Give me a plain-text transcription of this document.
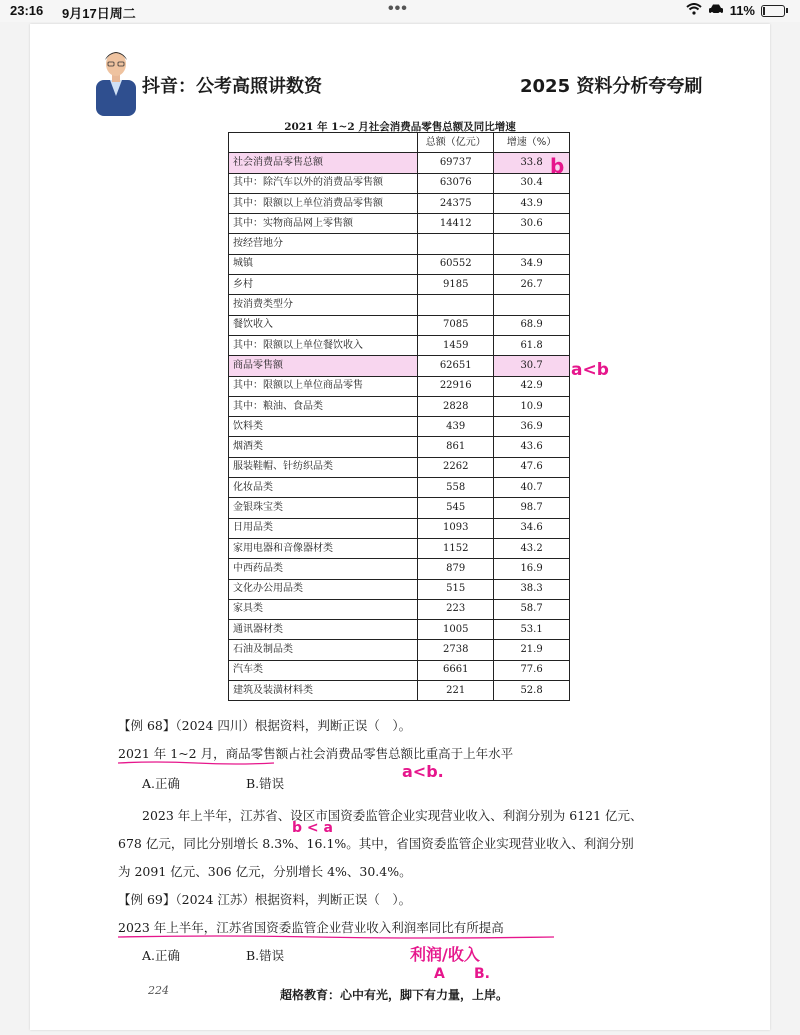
23:16 9月17日周二	•••	11%
抖音：公考高照讲数资	2025 资料分析夸夸刷
2021 年 1~2 月社会消费品零售总额及同比增速
	总额（亿元）	增速（%）
社会消费品零售总额	69737	33.8
其中：除汽车以外的消费品零售额	63076	30.4
其中：限额以上单位消费品零售额	24375	43.9
其中：实物商品网上零售额	14412	30.6
按经营地分		
城镇	60552	34.9
乡村	9185	26.7
按消费类型分		
餐饮收入	7085	68.9
其中：限额以上单位餐饮收入	1459	61.8
商品零售额	62651	30.7
其中：限额以上单位商品零售	22916	42.9
其中：粮油、食品类	2828	10.9
饮料类	439	36.9
烟酒类	861	43.6
服装鞋帽、针纺织品类	2262	47.6
化妆品类	558	40.7
金银珠宝类	545	98.7
日用品类	1093	34.6
家用电器和音像器材类	1152	43.2
中西药品类	879	16.9
文化办公用品类	515	38.3
家具类	223	58.7
通讯器材类	1005	53.1
石油及制品类	2738	21.9
汽车类	6661	77.6
建筑及装潢材料类	221	52.8
b
a<b
【例 68】（2024 四川）根据资料，判断正误（　）。
2021 年 1~2 月，商品零售额占社会消费品零售总额比重高于上年水平
A.正确	B.错误
a<b.
2023 年上半年，江苏省、设区市国资委监管企业实现营业收入、利润分别为 6121 亿元、
678 亿元，同比分别增长 8.3%、16.1%。其中，省国资委监管企业实现营业收入、利润分别
为 2091 亿元、306 亿元，分别增长 4%、30.4%。
b < a
【例 69】（2024 江苏）根据资料，判断正误（　）。
2023 年上半年，江苏省国资委监管企业营业收入利润率同比有所提高
A.正确	B.错误	利润/收入
A B.
224	超格教育：心中有光，脚下有力量，上岸。
